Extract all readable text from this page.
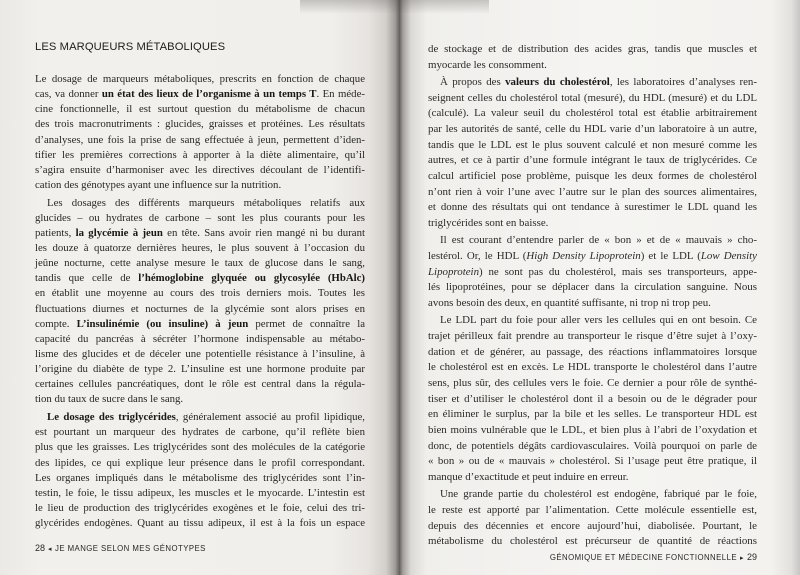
LES MARQUEURS MÉTABOLIQUES
Le dosage de marqueurs métaboliques, prescrits en fonction de chaque
cas, va donner un état des lieux de l’organisme à un temps T. En méde-
cine fonctionnelle, il est surtout question du métabolisme de chacun
des trois macronutriments : glucides, graisses et protéines. Les résultats
d’analyses, une fois la prise de sang effectuée à jeun, permettent d’iden-
tifier les premières corrections à apporter à la diète alimentaire, qu’il
s’agira ensuite d’harmoniser avec les directives découlant de l’identifi-
cation des génotypes ayant une influence sur la nutrition.
Les dosages des différents marqueurs métaboliques relatifs aux
glucides – ou hydrates de carbone – sont les plus courants pour les
patients, la glycémie à jeun en tête. Sans avoir rien mangé ni bu durant
les douze à quatorze dernières heures, le plus souvent à l’occasion du
jeûne nocturne, cette analyse mesure le taux de glucose dans le sang,
tandis que celle de l’hémoglobine glyquée ou glycosylée (HbAlc)
en établit une moyenne au cours des trois derniers mois. Toutes les
fluctuations diurnes et nocturnes de la glycémie sont alors prises en
compte. L’insulinémie (ou insuline) à jeun permet de connaître la
capacité du pancréas à sécréter l’hormone indispensable au métabo-
lisme des glucides et de déceler une potentielle résistance à l’insuline, à
l’origine du diabète de type 2. L’insuline est une hormone produite par
certaines cellules pancréatiques, dont le rôle est central dans la régula-
tion du taux de sucre dans le sang.
Le dosage des triglycérides, généralement associé au profil lipidique,
est pourtant un marqueur des hydrates de carbone, qu’il reflète bien
plus que les graisses. Les triglycérides sont des molécules de la catégorie
des lipides, ce qui explique leur présence dans le profil correspondant.
Les organes impliqués dans le métabolisme des triglycérides sont l’in-
testin, le foie, le tissu adipeux, les muscles et le myocarde. L’intestin est
le lieu de production des triglycérides exogènes et le foie, celui des tri-
glycérides endogènes. Quant au tissu adipeux, il est à la fois un espace
28 ◂ JE MANGE SELON MES GÉNOTYPES
de stockage et de distribution des acides gras, tandis que muscles et
myocarde les consomment.
À propos des valeurs du cholestérol, les laboratoires d’analyses ren-
seignent celles du cholestérol total (mesuré), du HDL (mesuré) et du LDL
(calculé). La valeur seuil du cholestérol total est établie arbitrairement
par les autorités de santé, celle du HDL varie d’un laboratoire à un autre,
tandis que le LDL est le plus souvent calculé et non mesuré comme les
autres, et ce à partir d’une formule intégrant le taux de triglycérides. Ce
calcul artificiel pose problème, puisque les deux formes de cholestérol
n’ont rien à voir l’une avec l’autre sur le plan des sources alimentaires,
et donne des résultats qui ont tendance à surestimer le LDL quand les
triglycérides sont en baisse.
Il est courant d’entendre parler de « bon » et de « mauvais » cho-
lestérol. Or, le HDL (High Density Lipoprotein) et le LDL (Low Density
Lipoprotein) ne sont pas du cholestérol, mais ses transporteurs, appe-
lés lipoprotéines, pour se déplacer dans la circulation sanguine. Nous
avons besoin des deux, en quantité suffisante, ni trop ni trop peu.
Le LDL part du foie pour aller vers les cellules qui en ont besoin. Ce
trajet périlleux fait prendre au transporteur le risque d’être sujet à l’oxy-
dation et de générer, au passage, des réactions inflammatoires lorsque
le cholestérol est en excès. Le HDL transporte le cholestérol dans l’autre
sens, plus sûr, des cellules vers le foie. Ce dernier a pour rôle de synthé-
tiser et d’utiliser le cholestérol dont il a besoin ou de le dégrader pour
en éliminer le surplus, par la bile et les selles. Le transporteur HDL est
bien moins vulnérable que le LDL, et bien plus à l’abri de l’oxydation et
donc, de potentiels dégâts cardiovasculaires. Voilà pourquoi on parle de
« bon » ou de « mauvais » cholestérol. Si l’usage peut être pratique, il
manque d’exactitude et peut induire en erreur.
Une grande partie du cholestérol est endogène, fabriqué par le foie,
le reste est apporté par l’alimentation. Cette molécule essentielle est,
depuis des décennies et encore aujourd’hui, diabolisée. Pourtant, le
métabolisme du cholestérol est précurseur de quantité de réactions
GÉNOMIQUE ET MÉDECINE FONCTIONNELLE ▸ 29
